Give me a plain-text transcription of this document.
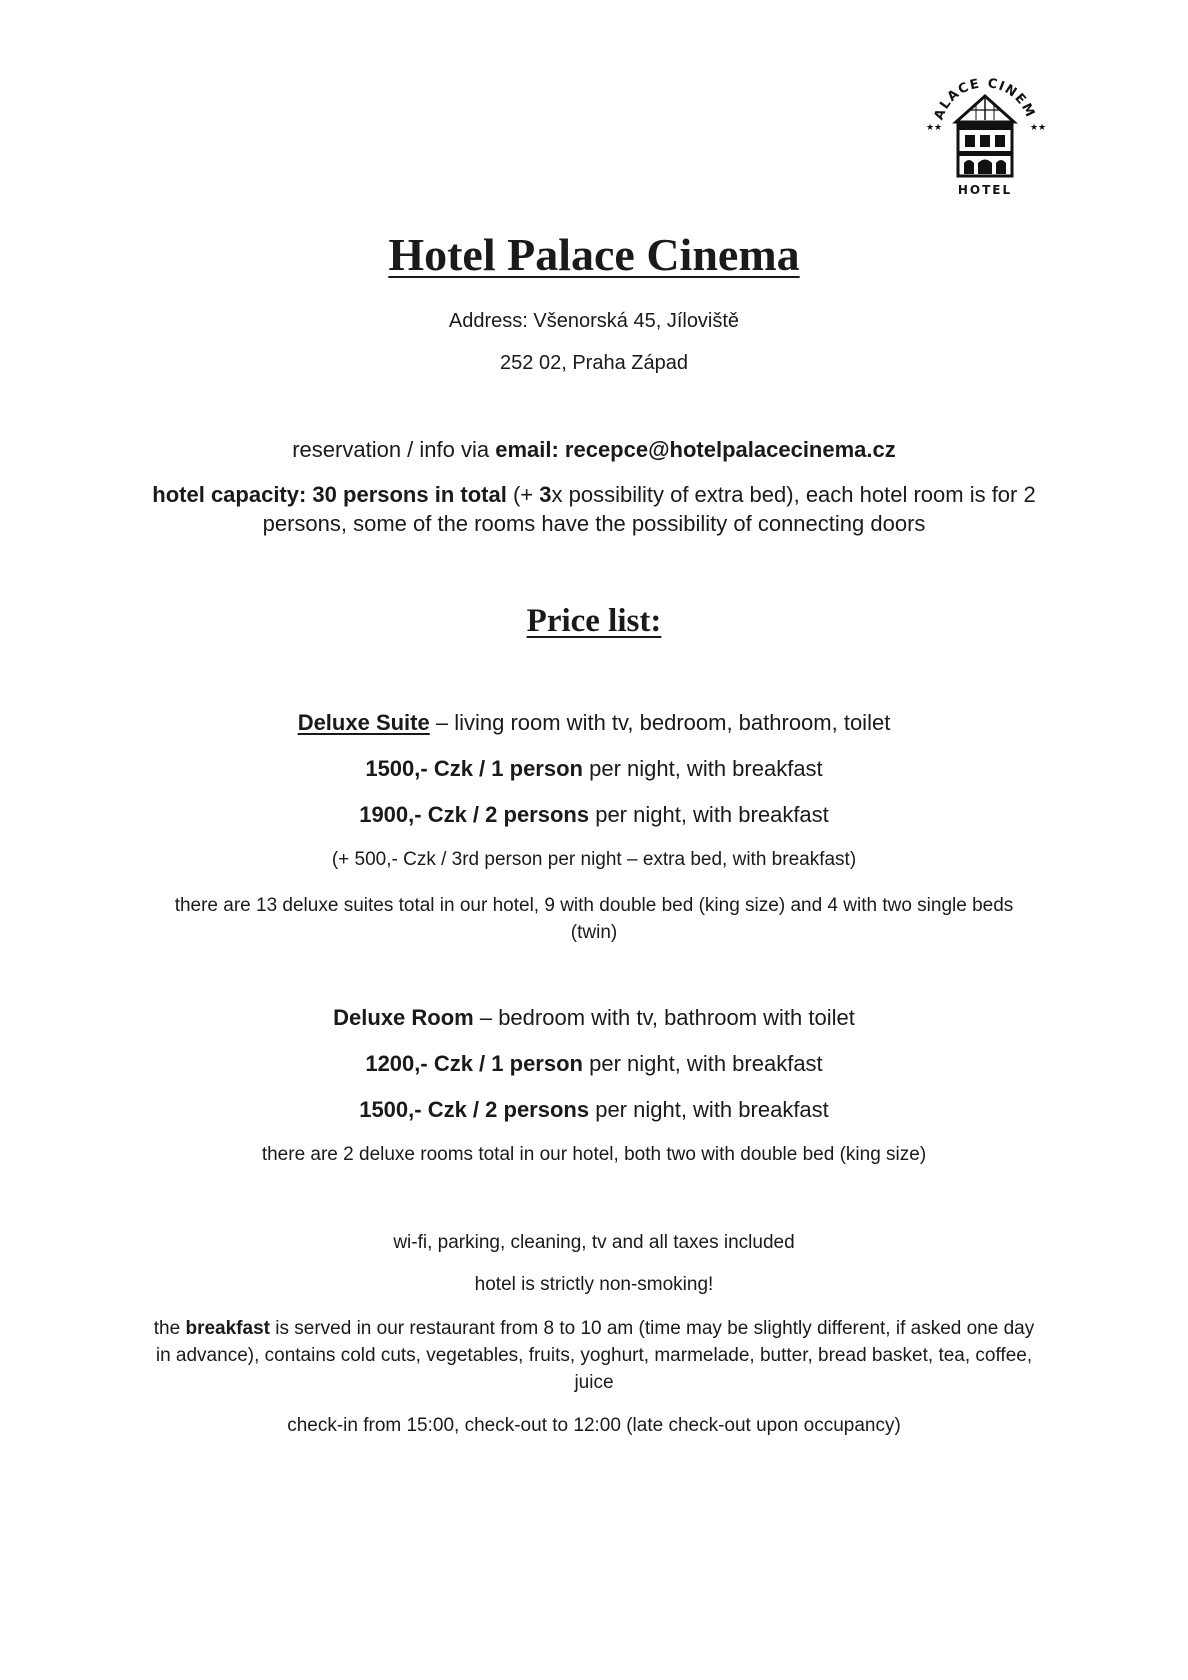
ALACE CINEM
★ ★	★ ★
HOTEL
Hotel Palace Cinema
Address: Všenorská 45, Jíloviště
252 02, Praha Západ
reservation / info via email: recepce@hotelpalacecinema.cz
hotel capacity: 30 persons in total (+ 3x possibility of extra bed), each hotel room is for 2 persons, some of the rooms have the possibility of connecting doors
Price list:
Deluxe Suite – living room with tv, bedroom, bathroom, toilet
1500,- Czk / 1 person per night, with breakfast
1900,- Czk / 2 persons per night, with breakfast
(+ 500,- Czk / 3rd person per night – extra bed, with breakfast)
there are 13 deluxe suites total in our hotel, 9 with double bed (king size) and 4 with two single beds (twin)
Deluxe Room – bedroom with tv, bathroom with toilet
1200,- Czk / 1 person per night, with breakfast
1500,- Czk / 2 persons per night, with breakfast
there are 2 deluxe rooms total in our hotel, both two with double bed (king size)
wi-fi, parking, cleaning, tv and all taxes included
hotel is strictly non-smoking!
the breakfast is served in our restaurant from 8 to 10 am (time may be slightly different, if asked one day in advance), contains cold cuts, vegetables, fruits, yoghurt, marmelade, butter, bread basket, tea, coffee, juice
check-in from 15:00, check-out to 12:00 (late check-out upon occupancy)
